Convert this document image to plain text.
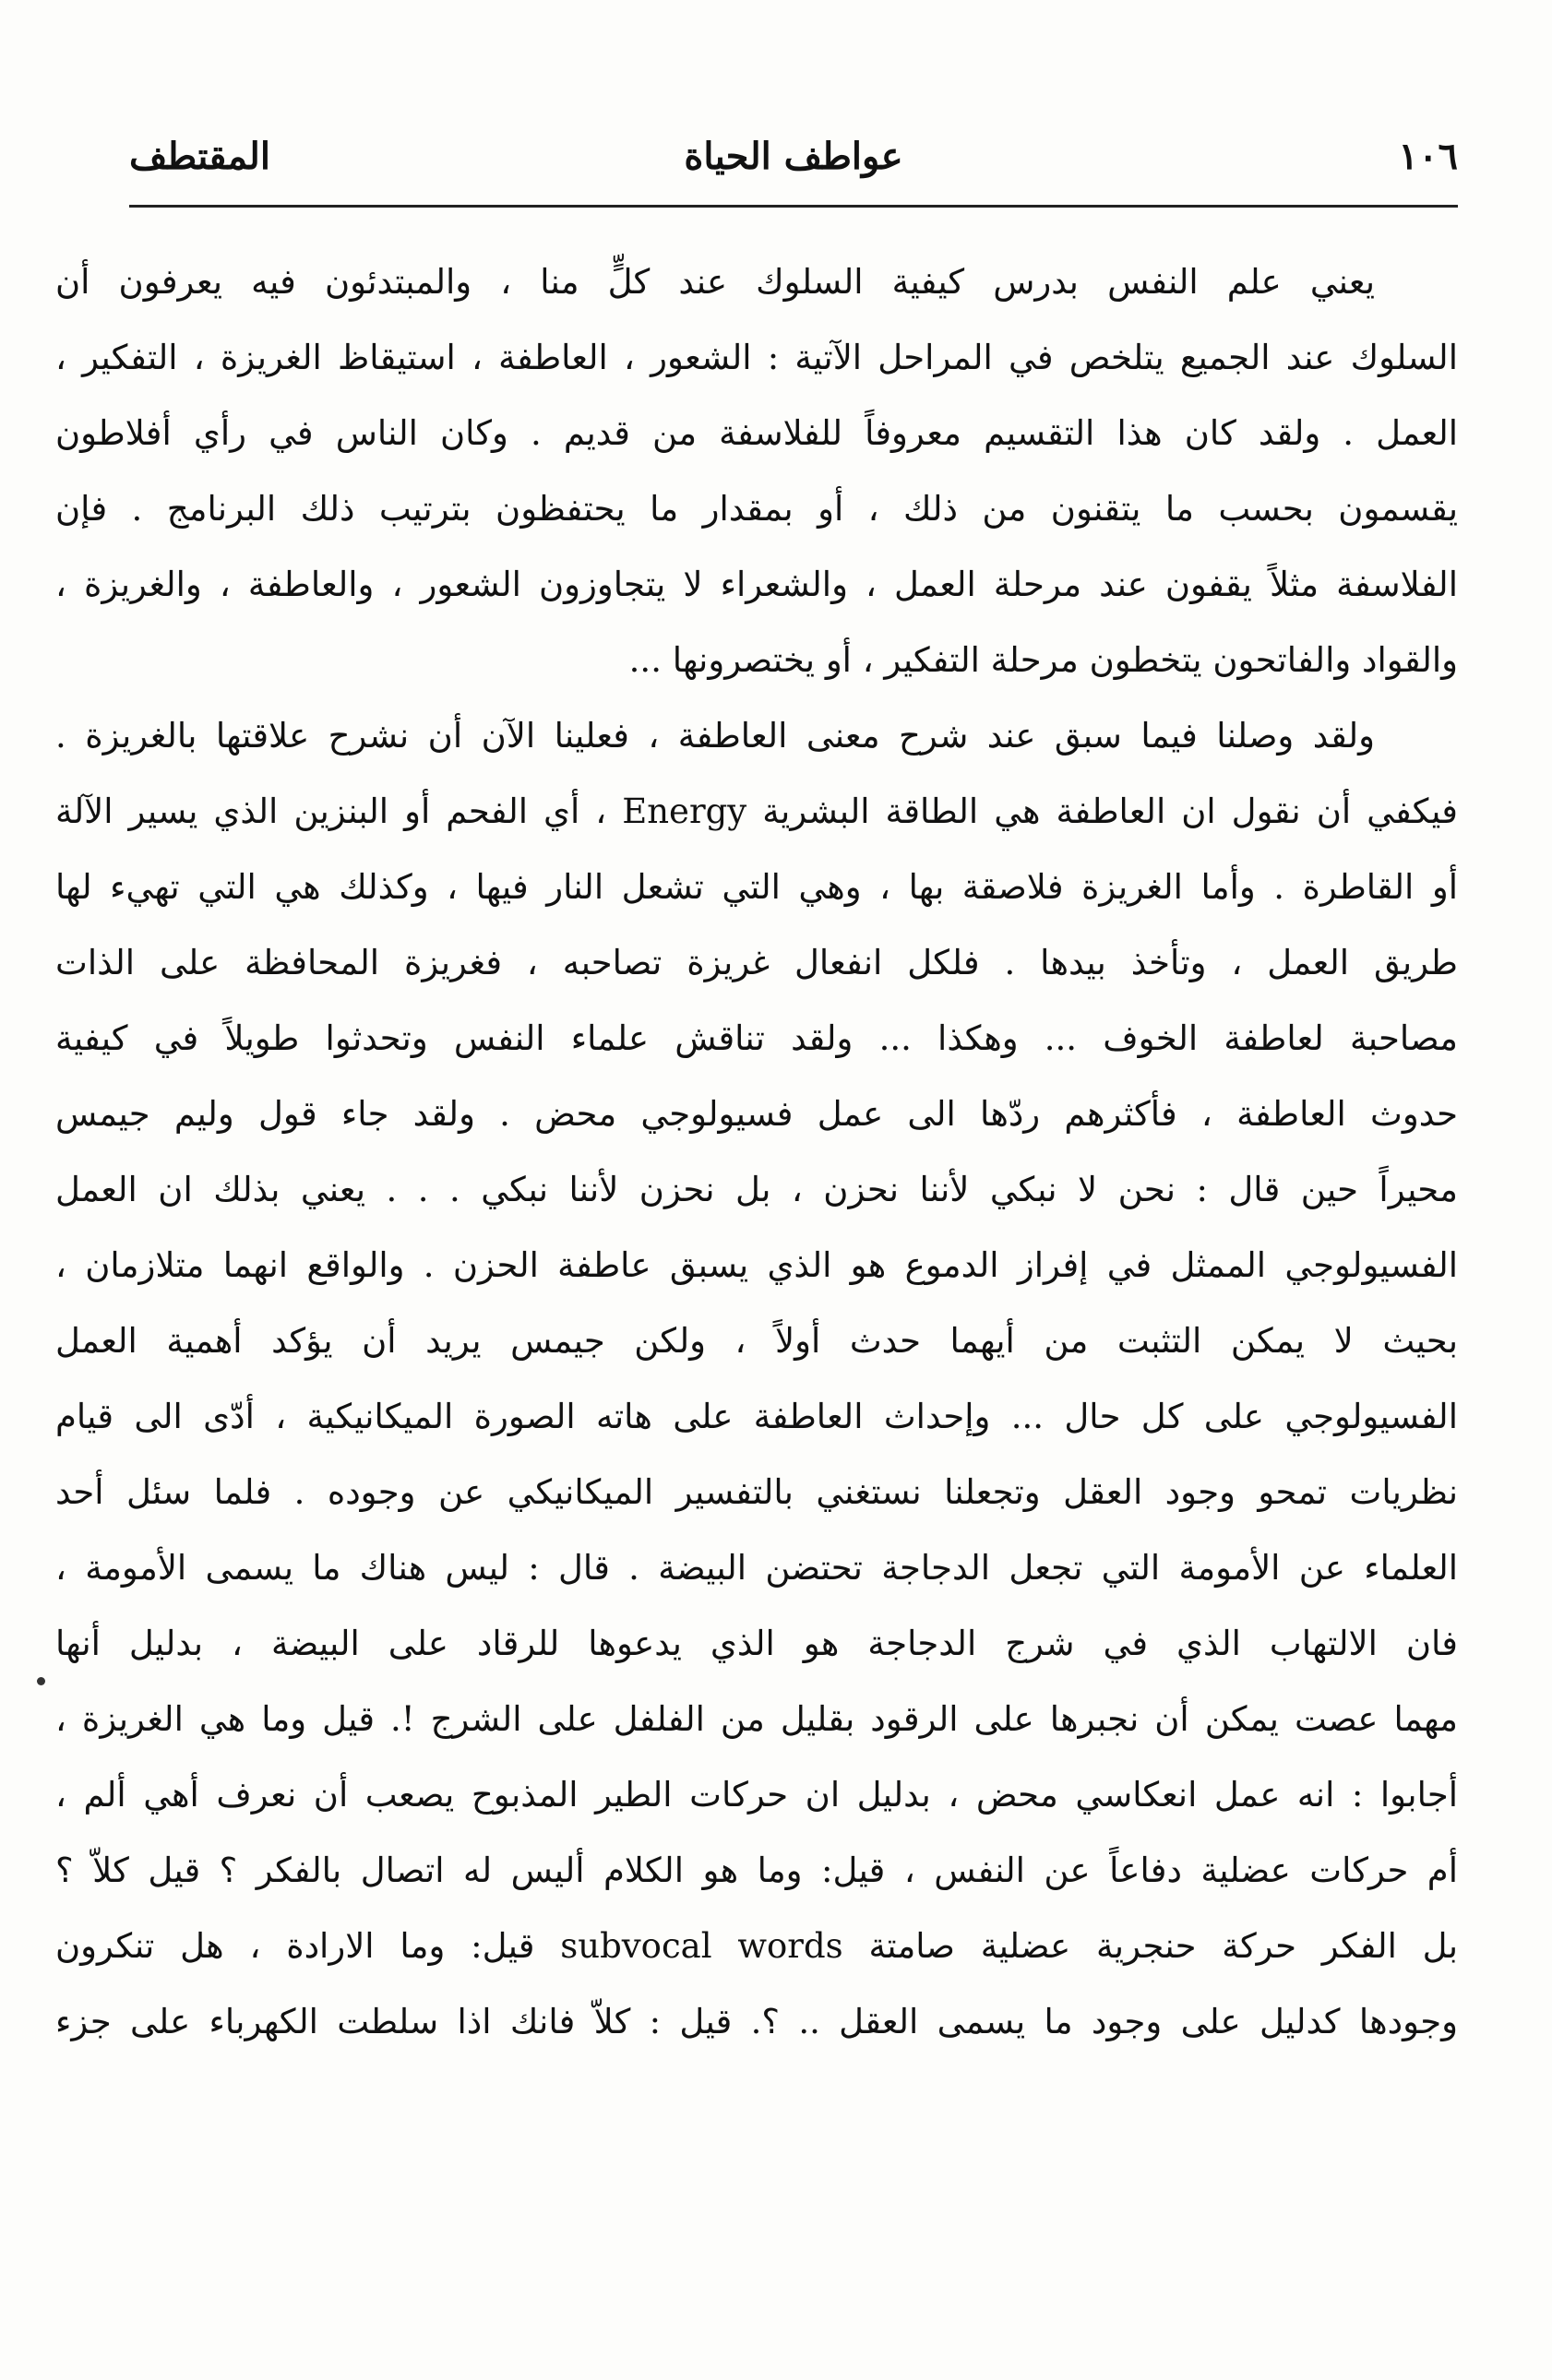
١٠٦
عواطف الحياة
المقتطف
يعني علم النفس بدرس كيفية السلوك عند كلٍّ منا ، والمبتدئون فيه يعرفون أن
السلوك عند الجميع يتلخص في المراحل الآتية : الشعور ، العاطفة ، استيقاظ الغريزة ، التفكير ،
العمل . ولقد كان هذا التقسيم معروفاً للفلاسفة من قديم . وكان الناس في رأي أفلاطون
يقسمون بحسب ما يتقنون من ذلك ، أو بمقدار ما يحتفظون بترتيب ذلك البرنامج . فإن
الفلاسفة مثلاً يقفون عند مرحلة العمل ، والشعراء لا يتجاوزون الشعور ، والعاطفة ، والغريزة ،
والقواد والفاتحون يتخطون مرحلة التفكير ، أو يختصرونها ...
ولقد وصلنا فيما سبق عند شرح معنى العاطفة ، فعلينا الآن أن نشرح علاقتها بالغريزة .
فيكفي أن نقول ان العاطفة هي الطاقة البشرية Energy ، أي الفحم أو البنزين الذي يسير الآلة
أو القاطرة . وأما الغريزة فلاصقة بها ، وهي التي تشعل النار فيها ، وكذلك هي التي تهيء لها
طريق العمل ، وتأخذ بيدها . فلكل انفعال غريزة تصاحبه ، فغريزة المحافظة على الذات
مصاحبة لعاطفة الخوف ... وهكذا ... ولقد تناقش علماء النفس وتحدثوا طويلاً في كيفية
حدوث العاطفة ، فأكثرهم ردّها الى عمل فسيولوجي محض . ولقد جاء قول وليم جيمس
محيراً حين قال : نحن لا نبكي لأننا نحزن ، بل نحزن لأننا نبكي . . . يعني بذلك ان العمل
الفسيولوجي الممثل في إفراز الدموع هو الذي يسبق عاطفة الحزن . والواقع انهما متلازمان ،
بحيث لا يمكن التثبت من أيهما حدث أولاً ، ولكن جيمس يريد أن يؤكد أهمية العمل
الفسيولوجي على كل حال ... وإحداث العاطفة على هاته الصورة الميكانيكية ، أدّى الى قيام
نظريات تمحو وجود العقل وتجعلنا نستغني بالتفسير الميكانيكي عن وجوده . فلما سئل أحد
العلماء عن الأمومة التي تجعل الدجاجة تحتضن البيضة . قال : ليس هناك ما يسمى الأمومة ،
فان الالتهاب الذي في شرج الدجاجة هو الذي يدعوها للرقاد على البيضة ، بدليل أنها
مهما عصت يمكن أن نجبرها على الرقود بقليل من الفلفل على الشرج !. قيل وما هي الغريزة ،
أجابوا : انه عمل انعكاسي محض ، بدليل ان حركات الطير المذبوح يصعب أن نعرف أهي ألم ،
أم حركات عضلية دفاعاً عن النفس ، قيل: وما هو الكلام أليس له اتصال بالفكر ؟ قيل كلاّ ؟
بل الفكر حركة حنجرية عضلية صامتة subvocal words قيل: وما الارادة ، هل تنكرون
وجودها كدليل على وجود ما يسمى العقل .. ؟. قيل : كلاّ فانك اذا سلطت الكهرباء على جزء
